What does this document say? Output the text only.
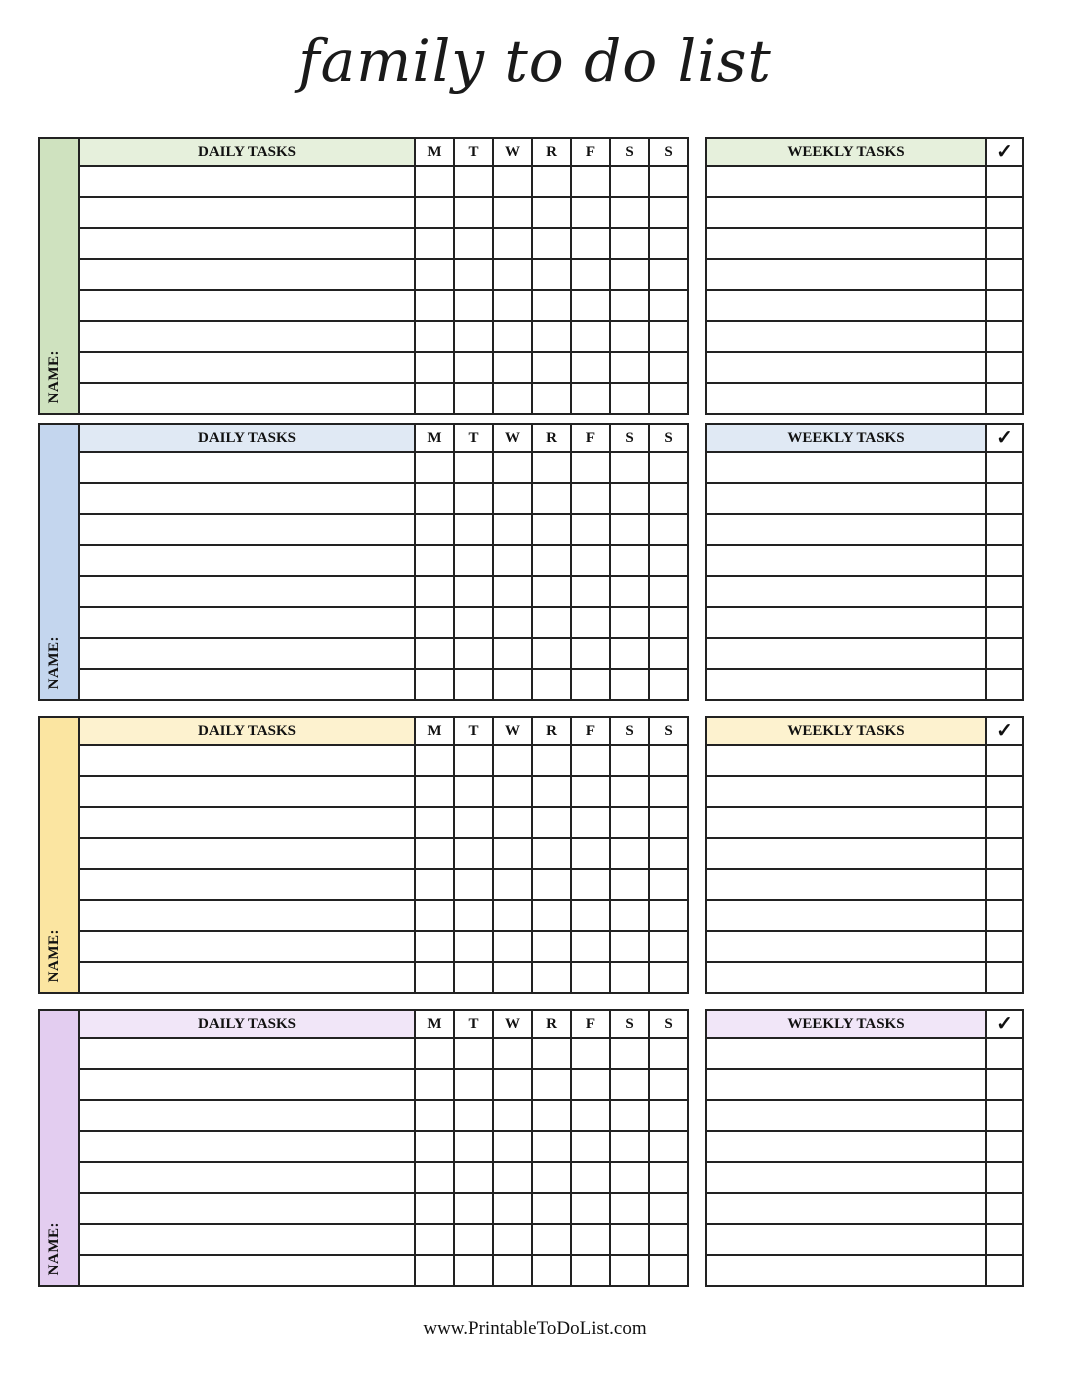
family to do list
NAME:
DAILY TASKS	M	T	W	R	F	S	S

								WEEKLY TASKS	✓

NAME:
DAILY TASKS	M	T	W	R	F	S	S

								WEEKLY TASKS	✓

NAME:
DAILY TASKS	M	T	W	R	F	S	S

								WEEKLY TASKS	✓

NAME:
DAILY TASKS	M	T	W	R	F	S	S

								WEEKLY TASKS	✓

www.PrintableToDoList.com
